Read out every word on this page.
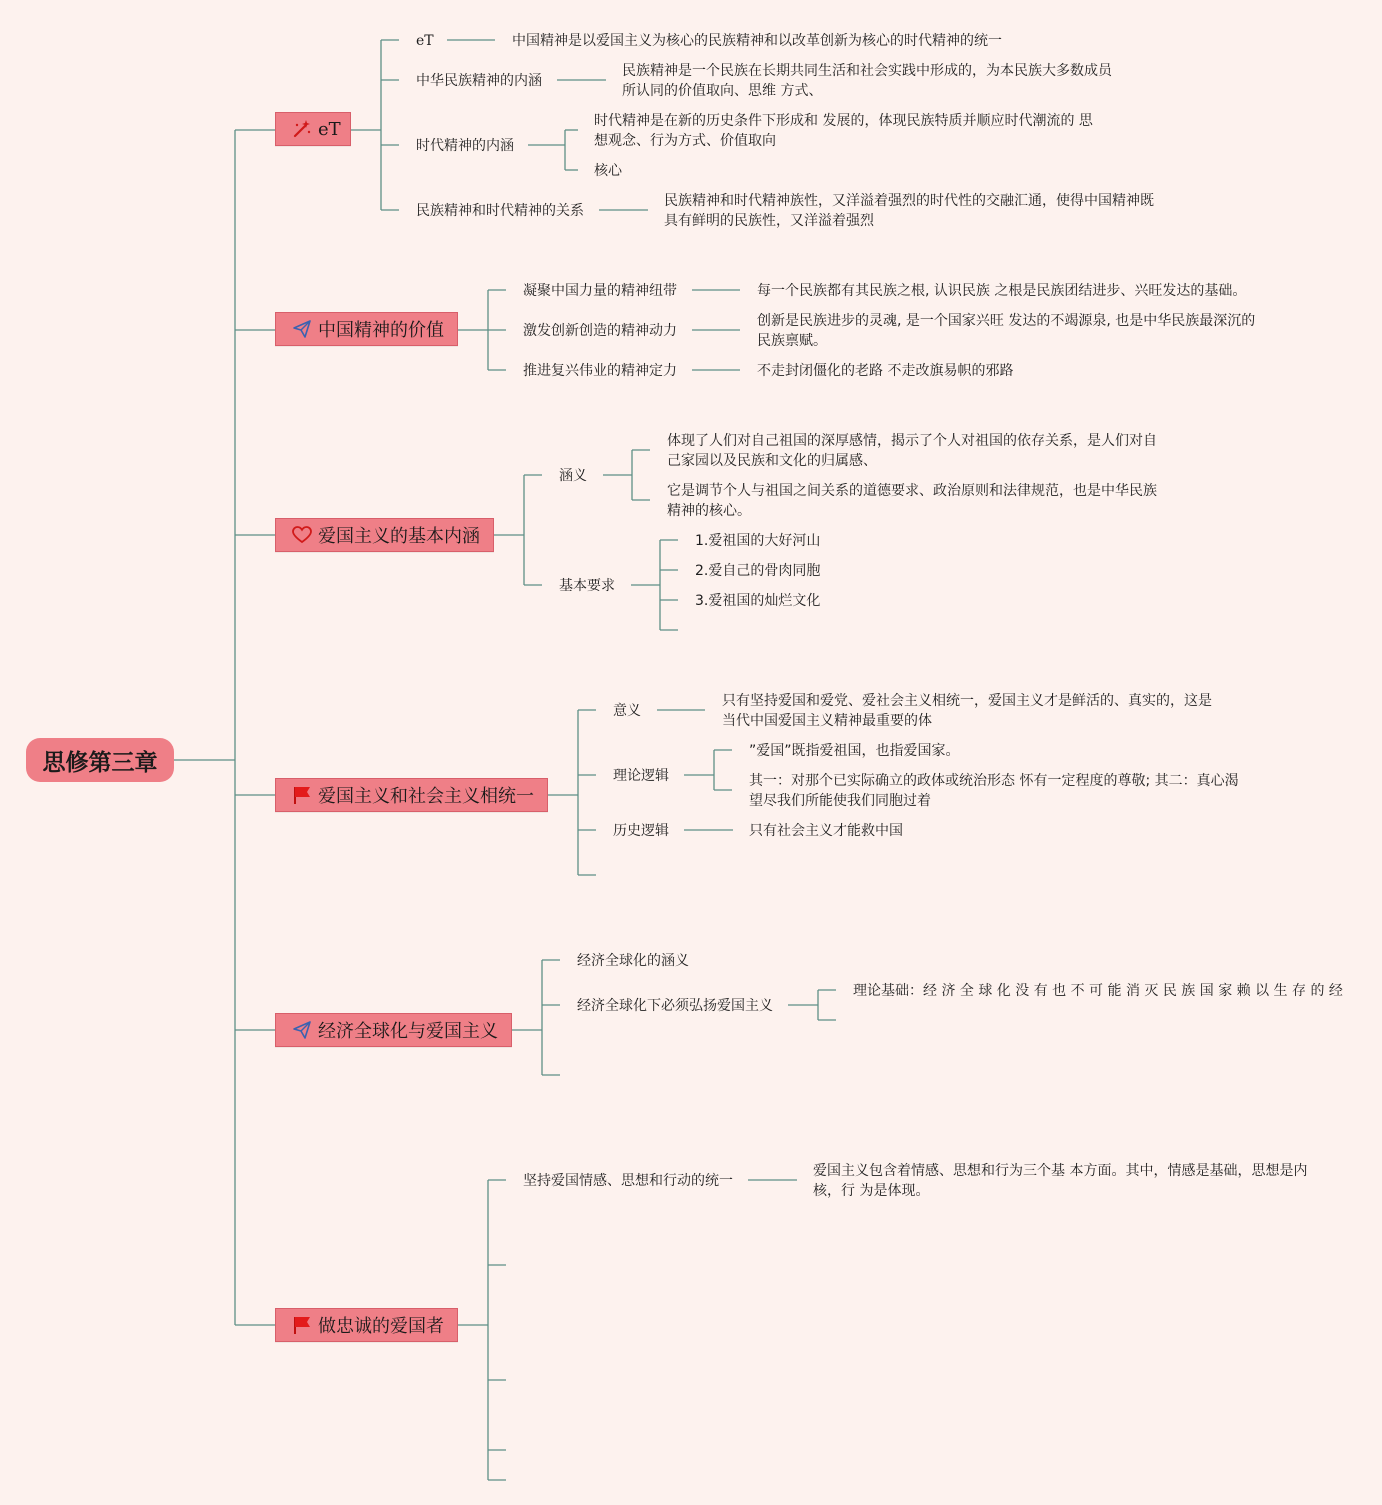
思修第三章
eT
eT	中国精神是以爱国主义为核心的民族精神和以改革创新为核心的时代精神的统一
中华民族精神的内涵
民族精神是一个民族在长期共同生活和社会实践中形成的，为本民族大多数成员
所认同的价值取向、思维 方式、
时代精神的内涵
时代精神是在新的历史条件下形成和 发展的，体现民族特质并顺应时代潮流的 思
想观念、行为方式、价值取向
核心
民族精神和时代精神的关系
民族精神和时代精神族性，又洋溢着强烈的时代性的交融汇通，使得中国精神既
具有鲜明的民族性，又洋溢着强烈
中国精神的价值
凝聚中国力量的精神纽带	每一个民族都有其民族之根, 认识民族 之根是民族团结进步、兴旺发达的基础。
激发创新创造的精神动力
创新是民族进步的灵魂, 是一个国家兴旺 发达的不竭源泉, 也是中华民族最深沉的
民族禀赋。
推进复兴伟业的精神定力	不走封闭僵化的老路 不走改旗易帜的邪路
爱国主义的基本内涵
涵义
体现了人们对自己祖国的深厚感情，揭示了个人对祖国的依存关系，是人们对自
己家园以及民族和文化的归属感、
它是调节个人与祖国之间关系的道德要求、政治原则和法律规范，也是中华民族
精神的核心。
基本要求
1.爱祖国的大好河山
2.爱自己的骨肉同胞
3.爱祖国的灿烂文化
爱国主义和社会主义相统一
意义
只有坚持爱国和爱党、爱社会主义相统一，爱国主义才是鲜活的、真实的，这是
当代中国爱国主义精神最重要的体
理论逻辑
”爱国”既指爱祖国，也指爱国家。
其一：对那个已实际确立的政体或统治形态 怀有一定程度的尊敬; 其二：真心渴
望尽我们所能使我们同胞过着
历史逻辑	只有社会主义才能救中国
经济全球化与爱国主义
经济全球化的涵义
经济全球化下必须弘扬爱国主义
理论基础：经 济 全 球 化 没 有 也 不 可 能 消 灭 民 族 国 家 赖 以 生 存 的 经
做忠诚的爱国者
坚持爱国情感、思想和行动的统一
爱国主义包含着情感、思想和行为三个基 本方面。其中，情感是基础，思想是内
核，行 为是体现。
